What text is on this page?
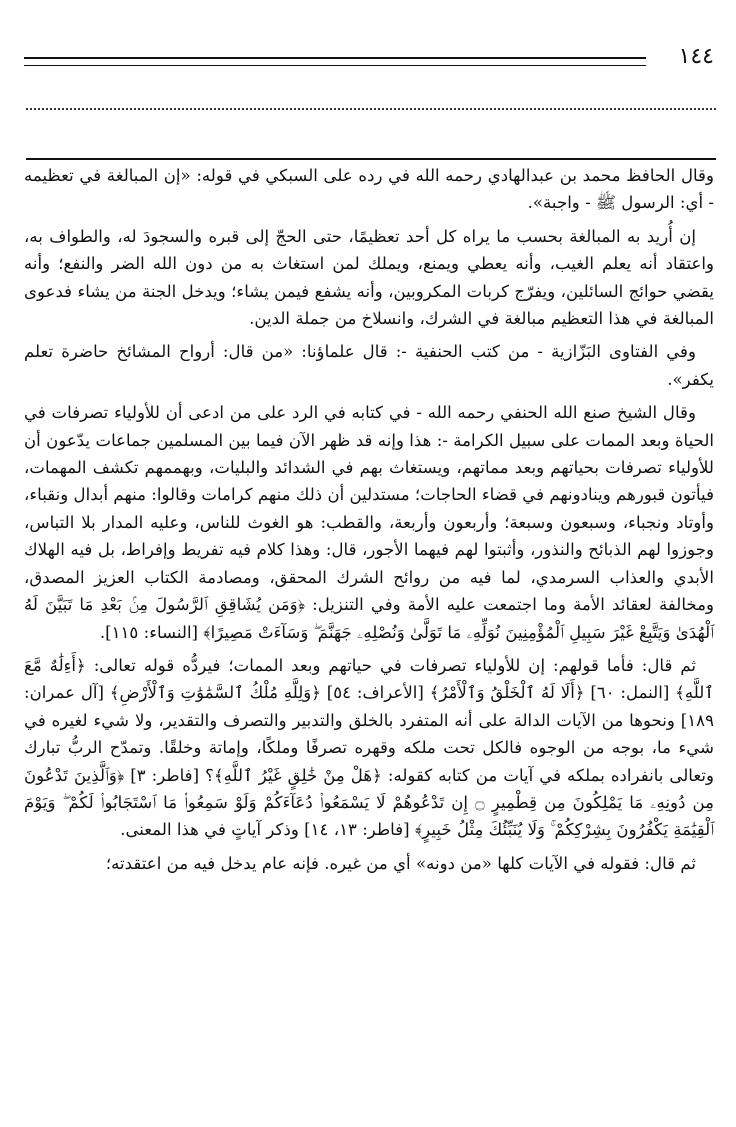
١٤٤

وقال الحافظ محمد بن عبدالهادي رحمه الله في رده على السبكي في قوله: «إن المبالغة في تعظيمه - أي: الرسول ﷺ - واجبة».

إن أُريد به المبالغة بحسب ما يراه كل أحد تعظيمًا، حتى الحجّ إلى قبره والسجودَ له، والطواف به، واعتقاد أنه يعلم الغيب، وأنه يعطي ويمنع، ويملك لمن استغاث به من دون الله الضر والنفع؛ وأنه يقضي حوائج السائلين، ويفرّج كربات المكروبين، وأنه يشفع فيمن يشاء؛ ويدخل الجنة من يشاء فدعوى المبالغة في هذا التعظيم مبالغة في الشرك، وانسلاخ من جملة الدين.

وفي الفتاوى البَزّازية - من كتب الحنفية -: قال علماؤنا: «من قال: أرواح المشائخ حاضرة تعلم يكفر».

وقال الشيخ صنع الله الحنفي رحمه الله - في كتابه في الرد على من ادعى أن للأولياء تصرفات في الحياة وبعد الممات على سبيل الكرامة -: هذا وإنه قد ظهر الآن فيما بين المسلمين جماعات يدّعون أن للأولياء تصرفات بحياتهم وبعد مماتهم، ويستغاث بهم في الشدائد والبليات، وبهممهم تكشف المهمات، فيأتون قبورهم وينادونهم في قضاء الحاجات؛ مستدلين أن ذلك منهم كرامات وقالوا: منهم أبدال ونقباء، وأوتاد ونجباء، وسبعون وسبعة؛ وأربعون وأربعة، والقطب: هو الغوث للناس، وعليه المدار بلا التباس، وجوزوا لهم الذبائح والنذور، وأثبتوا لهم فيهما الأجور، قال: وهذا كلام فيه تفريط وإفراط، بل فيه الهلاك الأبدي والعذاب السرمدي، لما فيه من روائح الشرك المحقق، ومصادمة الكتاب العزيز المصدق، ومخالفة لعقائد الأمة وما اجتمعت عليه الأمة وفي التنزيل: ﴿وَمَن يُشَاقِقِ ٱلرَّسُولَ مِنۢ بَعْدِ مَا تَبَيَّنَ لَهُ ٱلْهُدَىٰ وَيَتَّبِعْ غَيْرَ سَبِيلِ ٱلْمُؤْمِنِينَ نُوَلِّهِۦ مَا تَوَلَّىٰ وَنُصْلِهِۦ جَهَنَّمَ ۖ وَسَآءَتْ مَصِيرًا﴾ [النساء: ١١٥].

ثم قال: فأما قولهم: إن للأولياء تصرفات في حياتهم وبعد الممات؛ فيردُّه قوله تعالى: ﴿أَءِلَٰهٌ مَّعَ ٱللَّهِ﴾ [النمل: ٦٠] ﴿أَلَا لَهُ ٱلْخَلْقُ وَٱلْأَمْرُ﴾ [الأعراف: ٥٤] ﴿وَلِلَّهِ مُلْكُ ٱلسَّمَٰوَٰتِ وَٱلْأَرْضِ﴾ [آل عمران: ١٨٩] ونحوها من الآيات الدالة على أنه المتفرد بالخلق والتدبير والتصرف والتقدير، ولا شيء لغيره في شيء ما، بوجه من الوجوه فالكل تحت ملكه وقهره تصرفًا وملكًا، وإماتة وخلقًا. وتمدّح الربُّ تبارك وتعالى بانفراده بملكه في آيات من كتابه كقوله: ﴿هَلْ مِنْ خَٰلِقٍ غَيْرُ ٱللَّهِ﴾؟ [فاطر: ٣] ﴿وَٱلَّذِينَ تَدْعُونَ مِن دُونِهِۦ مَا يَمْلِكُونَ مِن قِطْمِيرٍ ۝ إِن تَدْعُوهُمْ لَا يَسْمَعُوا۟ دُعَآءَكُمْ وَلَوْ سَمِعُوا۟ مَا ٱسْتَجَابُوا۟ لَكُمْ ۖ وَيَوْمَ ٱلْقِيَٰمَةِ يَكْفُرُونَ بِشِرْكِكُمْ ۚ وَلَا يُنَبِّئُكَ مِثْلُ خَبِيرٍ﴾ [فاطر: ١٣، ١٤] وذكر آياتٍ في هذا المعنى.

ثم قال: فقوله في الآيات كلها «من دونه» أي من غيره. فإنه عام يدخل فيه من اعتقدته؛
